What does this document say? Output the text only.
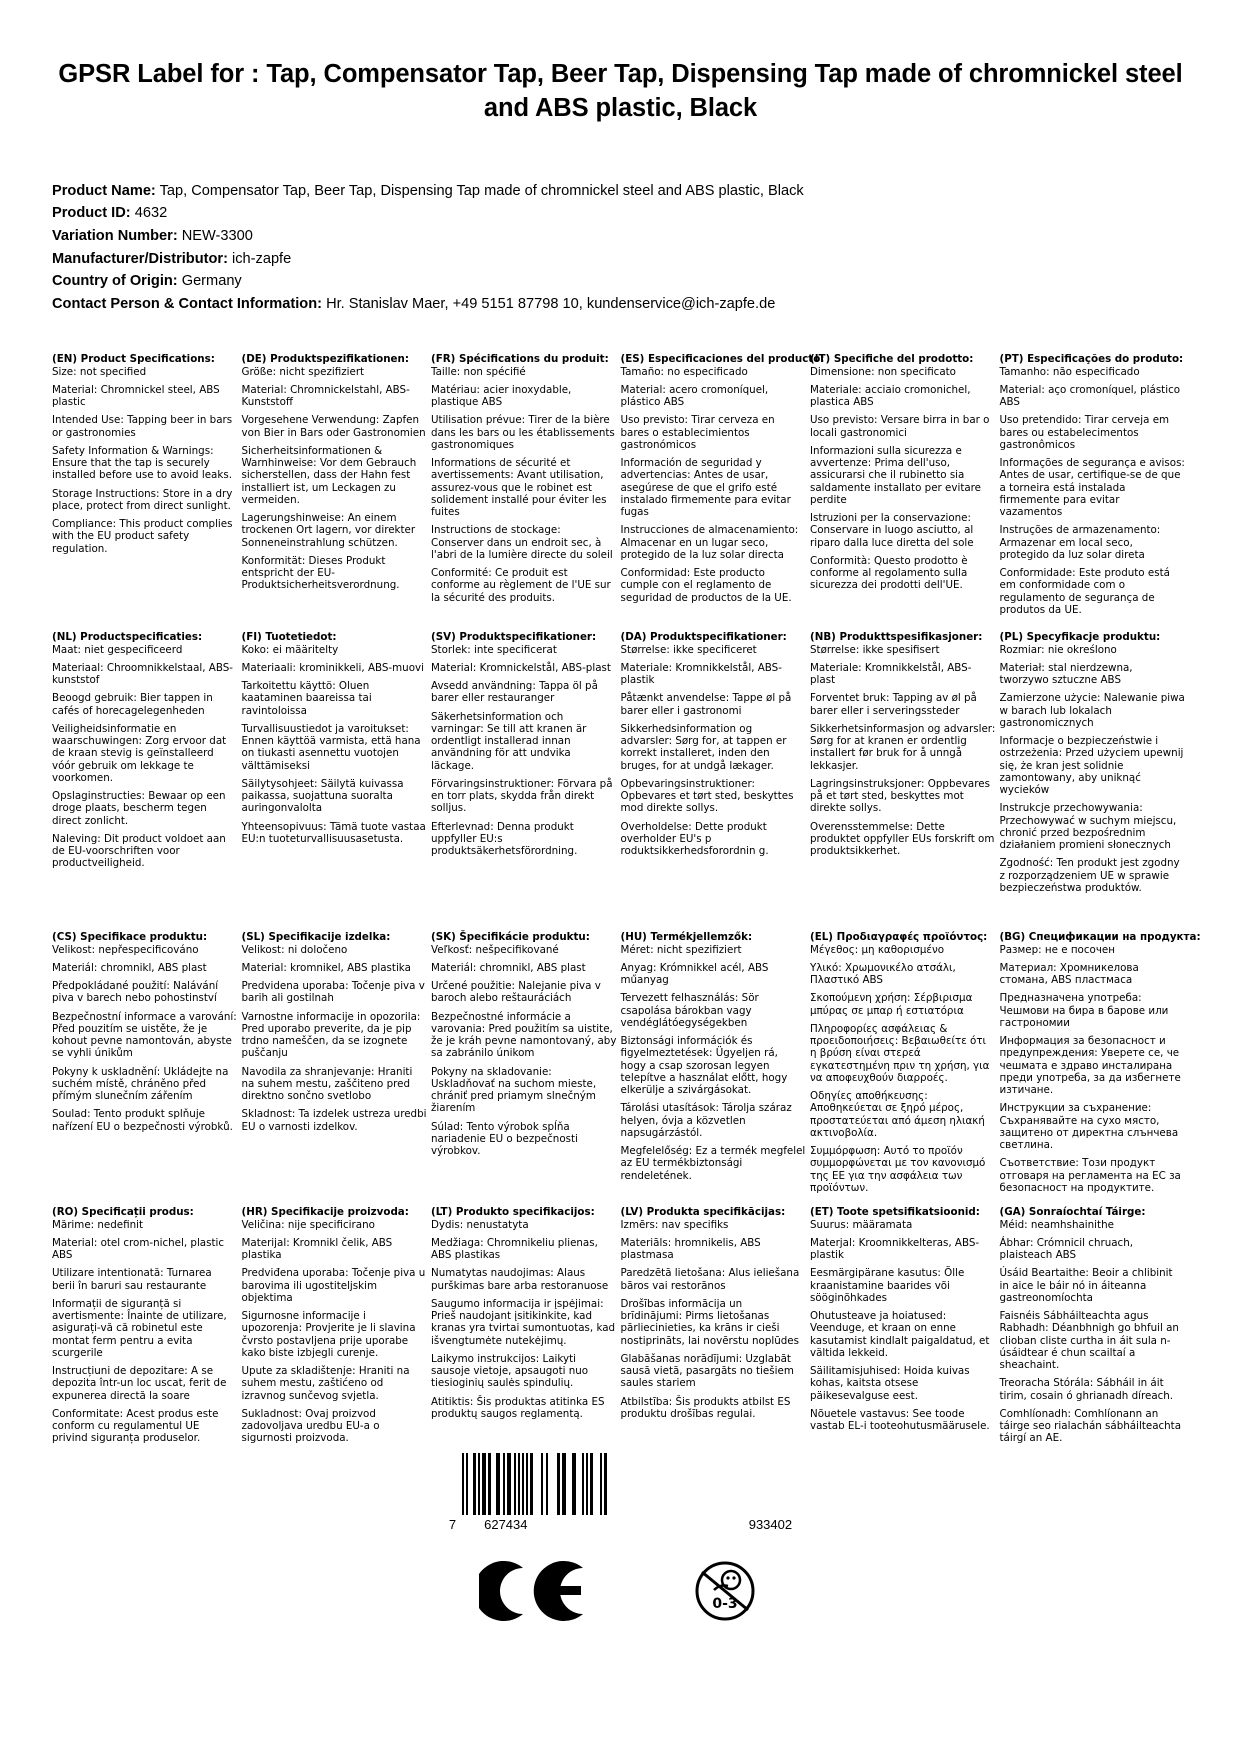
GPSR Label for : Tap, Compensator Tap, Beer Tap, Dispensing Tap made of chromnickel steel and ABS plastic, Black
Product Name: Tap, Compensator Tap, Beer Tap, Dispensing Tap made of chromnickel steel and ABS plastic, Black
Product ID: 4632
Variation Number: NEW-3300
Manufacturer/Distributor: ich-zapfe
Country of Origin: Germany
Contact Person & Contact Information: Hr. Stanislav Maer, +49 5151 87798 10, kundenservice@ich-zapfe.de
(EN) Product Specifications:
Size: not specified
Material: Chromnickel steel, ABS plastic
Intended Use: Tapping beer in bars or gastronomies
Safety Information & Warnings: Ensure that the tap is securely installed before use to avoid leaks.
Storage Instructions: Store in a dry place, protect from direct sunlight.
Compliance: This product complies with the EU product safety regulation.
(DE) Produktspezifikationen:
Größe: nicht spezifiziert
Material: Chromnickelstahl, ABS-Kunststoff
Vorgesehene Verwendung: Zapfen von Bier in Bars oder Gastronomien
Sicherheitsinformationen & Warnhinweise: Vor dem Gebrauch sicherstellen, dass der Hahn fest installiert ist, um Leckagen zu vermeiden.
Lagerungshinweise: An einem trockenen Ort lagern, vor direkter Sonneneinstrahlung schützen.
Konformität: Dieses Produkt entspricht der EU-Produktsicherheitsverordnung.
(FR) Spécifications du produit:
Taille: non spécifié
Matériau: acier inoxydable, plastique ABS
Utilisation prévue: Tirer de la bière dans les bars ou les établissements gastronomiques
Informations de sécurité et avertissements: Avant utilisation, assurez-vous que le robinet est solidement installé pour éviter les fuites
Instructions de stockage: Conserver dans un endroit sec, à l'abri de la lumière directe du soleil
Conformité: Ce produit est conforme au règlement de l'UE sur la sécurité des produits.
(ES) Especificaciones del producto:
Tamaño: no especificado
Material: acero cromoníquel, plástico ABS
Uso previsto: Tirar cerveza en bares o establecimientos gastronómicos
Información de seguridad y advertencias: Antes de usar, asegúrese de que el grifo esté instalado firmemente para evitar fugas
Instrucciones de almacenamiento: Almacenar en un lugar seco, protegido de la luz solar directa
Conformidad: Este producto cumple con el reglamento de seguridad de productos de la UE.
(IT) Specifiche del prodotto:
Dimensione: non specificato
Materiale: acciaio cromonichel, plastica ABS
Uso previsto: Versare birra in bar o locali gastronomici
Informazioni sulla sicurezza e avvertenze: Prima dell'uso, assicurarsi che il rubinetto sia saldamente installato per evitare perdite
Istruzioni per la conservazione: Conservare in luogo asciutto, al riparo dalla luce diretta del sole
Conformità: Questo prodotto è conforme al regolamento sulla sicurezza dei prodotti dell'UE.
(PT) Especificações do produto:
Tamanho: não especificado
Material: aço cromoníquel, plástico ABS
Uso pretendido: Tirar cerveja em bares ou estabelecimentos gastronômicos
Informações de segurança e avisos: Antes de usar, certifique-se de que a torneira está instalada firmemente para evitar vazamentos
Instruções de armazenamento: Armazenar em local seco, protegido da luz solar direta
Conformidade: Este produto está em conformidade com o regulamento de segurança de produtos da UE.
(NL) Productspecificaties:
Maat: niet gespecificeerd
Materiaal: Chroomnikkelstaal, ABS-kunststof
Beoogd gebruik: Bier tappen in cafés of horecagelegenheden
Veiligheidsinformatie en waarschuwingen: Zorg ervoor dat de kraan stevig is geïnstalleerd vóór gebruik om lekkage te voorkomen.
Opslaginstructies: Bewaar op een droge plaats, bescherm tegen direct zonlicht.
Naleving: Dit product voldoet aan de EU-voorschriften voor productveiligheid.
(FI) Tuotetiedot:
Koko: ei määritelty
Materiaali: krominikkeli, ABS-muovi
Tarkoitettu käyttö: Oluen kaataminen baareissa tai ravintoloissa
Turvallisuustiedot ja varoitukset: Ennen käyttöä varmista, että hana on tiukasti asennettu vuotojen välttämiseksi
Säilytysohjeet: Säilytä kuivassa paikassa, suojattuna suoralta auringonvalolta
Yhteensopivuus: Tämä tuote vastaa EU:n tuoteturvallisuusasetusta.
(SV) Produktspecifikationer:
Storlek: inte specificerat
Material: Kromnickelstål, ABS-plast
Avsedd användning: Tappa öl på barer eller restauranger
Säkerhetsinformation och varningar: Se till att kranen är ordentligt installerad innan användning för att undvika läckage.
Förvaringsinstruktioner: Förvara på en torr plats, skydda från direkt solljus.
Efterlevnad: Denna produkt uppfyller EU:s produktsäkerhetsförordning.
(DA) Produktspecifikationer:
Størrelse: ikke specificeret
Materiale: Kromnikkelstål, ABS-plastik
Påtænkt anvendelse: Tappe øl på barer eller i gastronomi
Sikkerhedsinformation og advarsler: Sørg for, at tappen er korrekt installeret, inden den bruges, for at undgå lækager.
Opbevaringsinstruktioner: Opbevares et tørt sted, beskyttes mod direkte sollys.
Overholdelse: Dette produkt overholder EU's p roduktsikkerhedsforordnin g.
(NB) Produkttspesifikasjoner:
Størrelse: ikke spesifisert
Materiale: Kromnikkelstål, ABS-plast
Forventet bruk: Tapping av øl på barer eller i serveringssteder
Sikkerhetsinformasjon og advarsler: Sørg for at kranen er ordentlig installert før bruk for å unngå lekkasjer.
Lagringsinstruksjoner: Oppbevares på et tørt sted, beskyttes mot direkte sollys.
Overensstemmelse: Dette produktet oppfyller EUs forskrift om produktsikkerhet.
(PL) Specyfikacje produktu:
Rozmiar: nie określono
Materiał: stal nierdzewna, tworzywo sztuczne ABS
Zamierzone użycie: Nalewanie piwa w barach lub lokalach gastronomicznych
Informacje o bezpieczeństwie i ostrzeżenia: Przed użyciem upewnij się, że kran jest solidnie zamontowany, aby uniknąć wycieków
Instrukcje przechowywania: Przechowywać w suchym miejscu, chronić przed bezpośrednim działaniem promieni słonecznych
Zgodność: Ten produkt jest zgodny z rozporządzeniem UE w sprawie bezpieczeństwa produktów.
(CS) Specifikace produktu:
Velikost: nepřespecificováno
Materiál: chromnikl, ABS plast
Předpokládané použití: Nalávání piva v barech nebo pohostinství
Bezpečnostní informace a varování: Před pouzitím se uistěte, že je kohout pevne namontován, abyste se vyhli únikům
Pokyny k uskladnění: Ukládejte na suchém místě, chráněno před přímým slunečním zářením
Soulad: Tento produkt splňuje nařízení EU o bezpečnosti výrobků.
(SL) Specifikacije izdelka:
Velikost: ni določeno
Material: kromnikel, ABS plastika
Predvidena uporaba: Točenje piva v barih ali gostilnah
Varnostne informacije in opozorila: Pred uporabo preverite, da je pip trdno nameščen, da se izognete puščanju
Navodila za shranjevanje: Hraniti na suhem mestu, zaščiteno pred direktno sončno svetlobo
Skladnost: Ta izdelek ustreza uredbi EU o varnosti izdelkov.
(SK) Špecifikácie produktu:
Veľkosť: nešpecifikované
Materiál: chromnikl, ABS plast
Určené použitie: Nalejanie piva v baroch alebo reštauráciách
Bezpečnostné informácie a varovania: Pred použitím sa uistite, že je kráh pevne namontovaný, aby sa zabránilo únikom
Pokyny na skladovanie: Uskladňovať na suchom mieste, chrániť pred priamym slnečným žiarením
Súlad: Tento výrobok spĺňa nariadenie EU o bezpečnosti výrobkov.
(HU) Termékjellemzők:
Méret: nicht spezifiziert
Anyag: Krómnikkel acél, ABS műanyag
Tervezett felhasználás: Sör csapolása bárokban vagy vendéglátóegységekben
Biztonsági információk és figyelmeztetések: Ügyeljen rá, hogy a csap szorosan legyen telepítve a használat előtt, hogy elkerülje a szivárgásokat.
Tárolási utasítások: Tárolja száraz helyen, óvja a közvetlen napsugárzástól.
Megfelelőség: Ez a termék megfelel az EU termékbiztonsági rendeletének.
(EL) Προδιαγραφές προϊόντος:
Μέγεθος: μη καθορισμένο
Υλικό: Χρωμονικέλο ατσάλι, Πλαστικό ABS
Σκοπούμενη χρήση: Σέρβιρισμα μπύρας σε μπαρ ή εστιατόρια
Πληροφορίες ασφάλειας & προειδοποιήσεις: Βεβαιωθείτε ότι η βρύση είναι στερεά εγκατεστημένη πριν τη χρήση, για να αποφευχθούν διαρροές.
Οδηγίες αποθήκευσης: Αποθηκεύεται σε ξηρό μέρος, προστατεύεται από άμεση ηλιακή ακτινοβολία.
Συμμόρφωση: Αυτό το προϊόν συμμορφώνεται με τον κανονισμό της ΕΕ για την ασφάλεια των προϊόντων.
(BG) Спецификации на продукта:
Размер: не е посочен
Материал: Хромникелова стомана, ABS пластмаса
Предназначена употреба: Чешмови на бира в барове или гастрономии
Информация за безопасност и предупреждения: Уверете се, че чешмата е здраво инсталирана преди употреба, за да избегнете изтичане.
Инструкции за съхранение: Съхранявайте на сухо място, защитено от директна слънчева светлина.
Съответствие: Този продукт отговаря на регламента на ЕС за безопасност на продуктите.
(RO) Specificații produs:
Mărime: nedefinit
Material: otel crom-nichel, plastic ABS
Utilizare intentionată: Turnarea berii în baruri sau restaurante
Informații de siguranță si avertismente: Înainte de utilizare, asigurați-vă că robinetul este montat ferm pentru a evita scurgerile
Instrucțiuni de depozitare: A se depozita într-un loc uscat, ferit de expunerea directă la soare
Conformitate: Acest produs este conform cu regulamentul UE privind siguranța produselor.
(HR) Specifikacije proizvoda:
Veličina: nije specificirano
Materijal: Kromnikl čelik, ABS plastika
Predviđena uporaba: Točenje piva u barovima ili ugostiteljskim objektima
Sigurnosne informacije i upozorenja: Provjerite je li slavina čvrsto postavljena prije uporabe kako biste izbjegli curenje.
Upute za skladištenje: Hraniti na suhem mestu, zaštićeno od izravnog sunčevog svjetla.
Sukladnost: Ovaj proizvod zadovoljava uredbu EU-a o sigurnosti proizvoda.
(LT) Produkto specifikacijos:
Dydis: nenustatyta
Medžiaga: Chromnikeliu plienas, ABS plastikas
Numatytas naudojimas: Alaus purškimas bare arba restoranuose
Saugumo informacija ir įspėjimai: Prieš naudojant įsitikinkite, kad kranas yra tvirtai sumontuotas, kad išvengtumėte nutekėjimų.
Laikymo instrukcijos: Laikyti sausoje vietoje, apsaugoti nuo tiesioginių saulės spindulių.
Atitiktis: Šis produktas atitinka ES produktų saugos reglamentą.
(LV) Produkta specifikācijas:
Izmērs: nav specifiks
Materiāls: hromnikelis, ABS plastmasa
Paredzētā lietošana: Alus ieliešana bāros vai restorānos
Drošības informācija un brīdinājumi: Pirms lietošanas pārliecinieties, ka krāns ir cieši nostiprināts, lai novērstu noplūdes
Glabāšanas norādījumi: Uzglabāt sausā vietā, pasargāts no tiešiem saules stariem
Atbilstība: Šis produkts atbilst ES produktu drošības regulai.
(ET) Toote spetsifikatsioonid:
Suurus: määramata
Materjal: Kroomnikkelteras, ABS-plastik
Eesmärgipärane kasutus: Õlle kraanistamine baarides või sööginõhkades
Ohutusteave ja hoiatused: Veenduge, et kraan on enne kasutamist kindlalt paigaldatud, et vältida lekkeid.
Säilitamisjuhised: Hoida kuivas kohas, kaitsta otsese päikesevalguse eest.
Nõuetele vastavus: See toode vastab EL-i tooteohutusmäärusele.
(GA) Sonraíochtaí Táirge:
Méid: neamhshainithe
Ábhar: Crómnicil chruach, plaisteach ABS
Úsáid Beartaithe: Beoir a chlibinit in aice le báir nó in áiteanna gastreonomíochta
Faisnéis Sábháilteachta agus Rabhadh: Déanbhnigh go bhfuil an clioban cliste curtha in áit sula n-úsáidtear é chun scailtaí a sheachaint.
Treoracha Stórála: Sábháil in áit tirim, cosain ó ghrianadh díreach.
Comhlíonadh: Comhlíonann an táirge seo rialachán sábháilteachta táirgí an AE.
7 627434	933402
0-3
